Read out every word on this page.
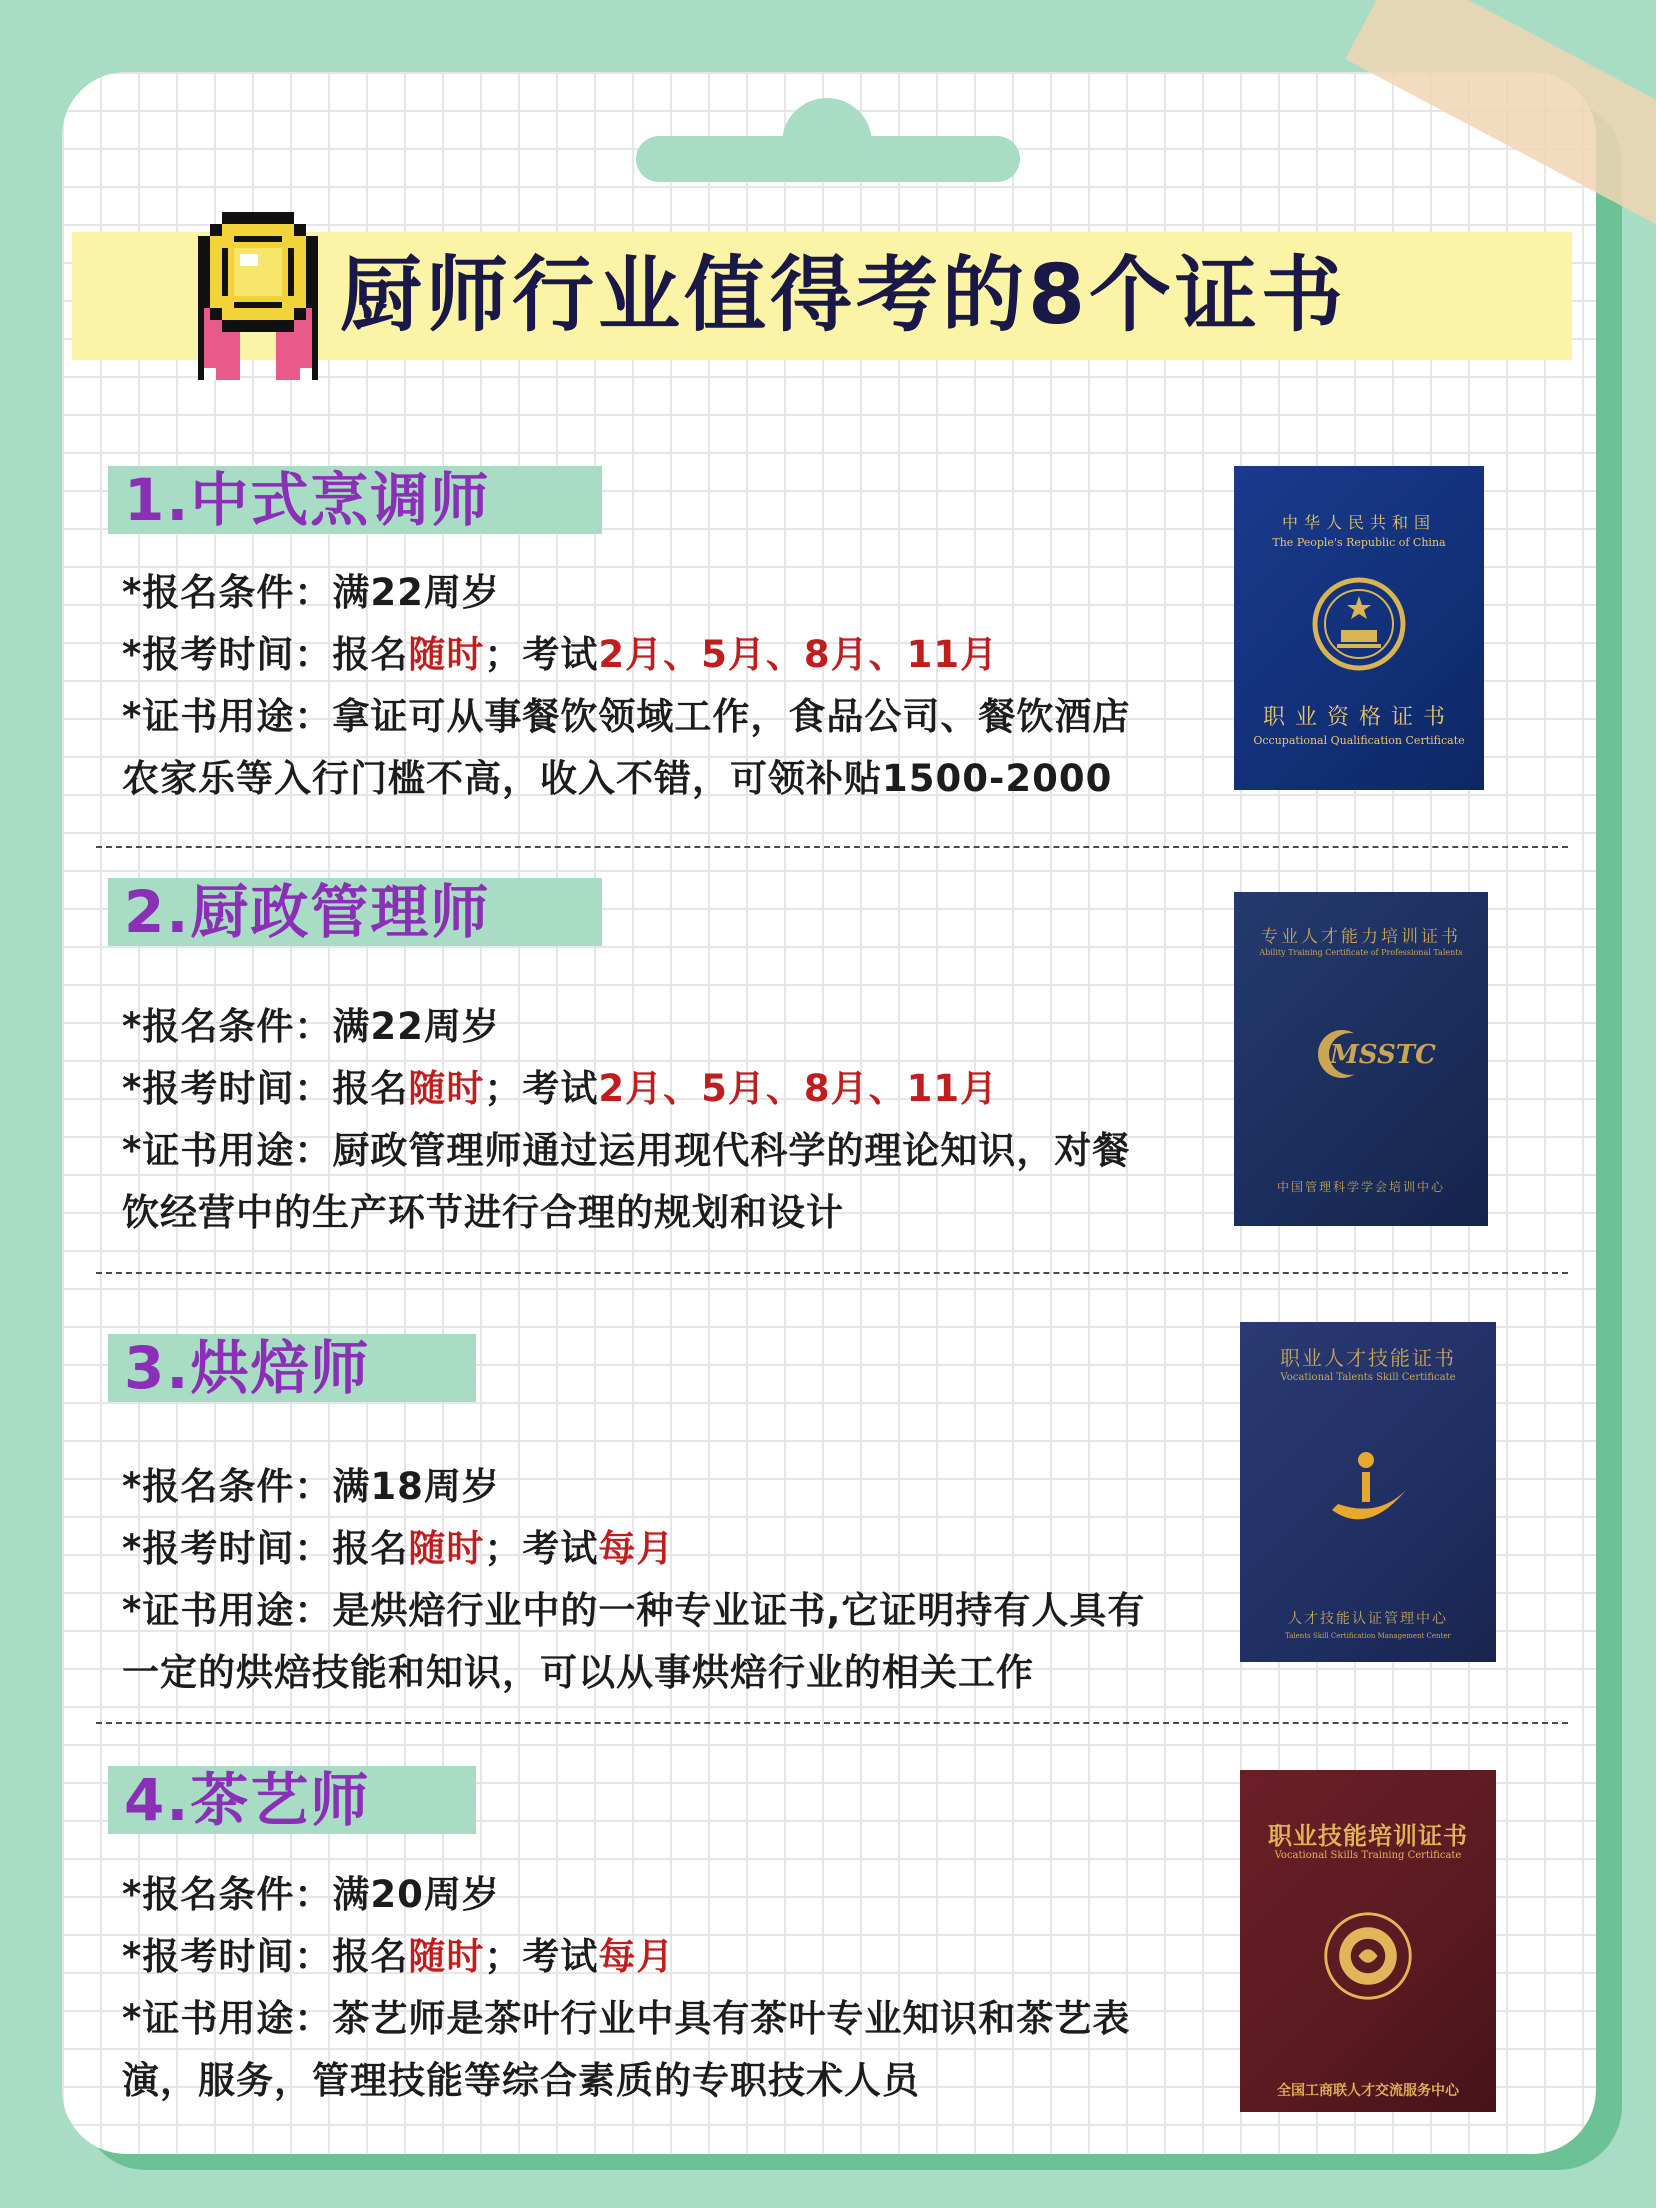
厨师行业值得考的8个证书
1.中式烹调师
*报名条件：满22周岁
*报考时间：报名随时；考试2月、5月、8月、11月
*证书用途：拿证可从事餐饮领域工作，食品公司、餐饮酒店
农家乐等入行门槛不高，收入不错，可领补贴1500-2000
中华人民共和国
The People's Republic of China
职业资格证书
Occupational Qualification Certificate
2.厨政管理师
*报名条件：满22周岁
*报考时间：报名随时；考试2月、5月、8月、11月
*证书用途：厨政管理师通过运用现代科学的理论知识，对餐
饮经营中的生产环节进行合理的规划和设计
专业人才能力培训证书
Ability Training Certificate of Professional Talents
MSSTC
中国管理科学学会培训中心
3.烘焙师
*报名条件：满18周岁
*报考时间：报名随时；考试每月
*证书用途：是烘焙行业中的一种专业证书,它证明持有人具有
一定的烘焙技能和知识，可以从事烘焙行业的相关工作
职业人才技能证书
Vocational Talents Skill Certificate
人才技能认证管理中心
Talents Skill Certification Management Center
4.茶艺师
*报名条件：满20周岁
*报考时间：报名随时；考试每月
*证书用途：茶艺师是茶叶行业中具有茶叶专业知识和茶艺表
演，服务，管理技能等综合素质的专职技术人员
职业技能培训证书
Vocational Skills Training Certificate
全国工商联人才交流服务中心
